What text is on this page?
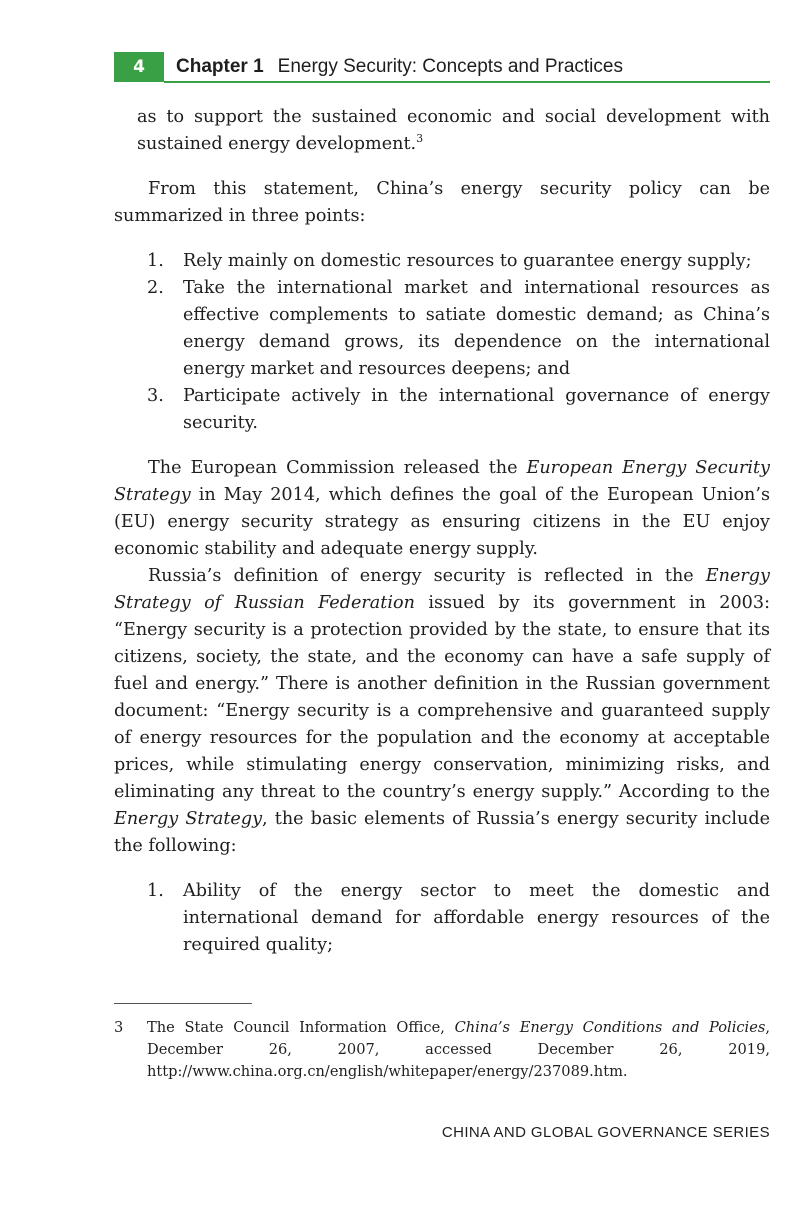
4	Chapter 1 Energy Security: Concepts and Practices

as to support the sustained economic and social development with sustained energy development.$^3$

From this statement, China’s energy security policy can be summarized in three points:

1. Rely mainly on domestic resources to guarantee energy supply;
2. Take the international market and international resources as effective complements to satiate domestic demand; as China’s energy demand grows, its dependence on the international energy market and resources deepens; and
3. Participate actively in the international governance of energy security.

The European Commission released the European Energy Security Strategy in May 2014, which defines the goal of the European Union’s (EU) energy security strategy as ensuring citizens in the EU enjoy economic stability and adequate energy supply.

Russia’s definition of energy security is reflected in the Energy Strategy of Russian Federation issued by its government in 2003: “Energy security is a protection provided by the state, to ensure that its citizens, society, the state, and the economy can have a safe supply of fuel and energy.” There is another definition in the Russian government document: “Energy security is a comprehensive and guaranteed supply of energy resources for the population and the economy at acceptable prices, while stimulating energy conservation, minimizing risks, and eliminating any threat to the country’s energy supply.” According to the Energy Strategy, the basic elements of Russia’s energy security include the following:

1. Ability of the energy sector to meet the domestic and international demand for affordable energy resources of the required quality;
3	The State Council Information Office, China’s Energy Conditions and Policies, December 26, 2007, accessed December 26, 2019, http://www.china.org.cn/english/whitepaper/energy/237089.htm.
CHINA AND GLOBAL GOVERNANCE SERIES
